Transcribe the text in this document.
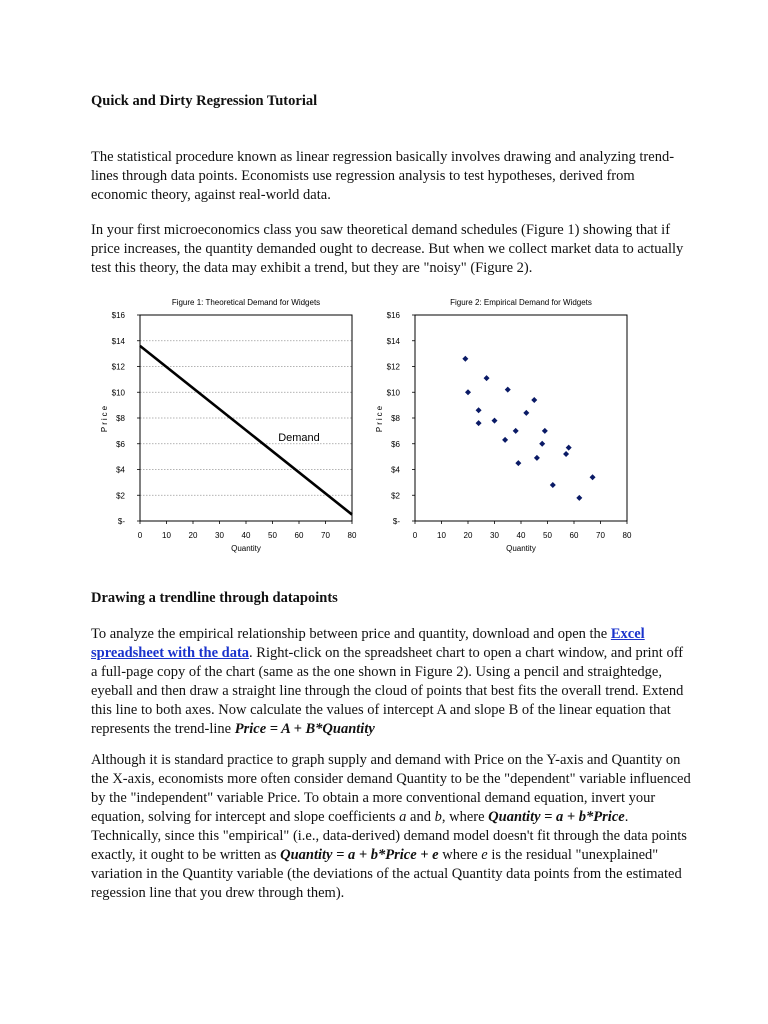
Quick and Dirty Regression Tutorial
The statistical procedure known as linear regression basically involves drawing and analyzing trend-lines through data points. Economists use regression analysis to test hypotheses, derived from economic theory, against real-world data.
In your first microeconomics class you saw theoretical demand schedules (Figure 1) showing that if price increases, the quantity demanded ought to decrease. But when we collect market data to actually test this theory, the data may exhibit a trend, but they are "noisy" (Figure 2).
Figure 1: Theoretical Demand for Widgets
$-
$2
$4
$6
$8
$10
$12
$14
$16
0 10 20 30 40 50 60 70 80
Quantity
Price
Demand
Figure 2: Empirical Demand for Widgets
$-
$2
$4
$6
$8
$10
$12
$14
$16
0 10 20 30 40 50 60 70 80
Quantity
Price
Drawing a trendline through datapoints
To analyze the empirical relationship between price and quantity, download and open the Excel spreadsheet with the data. Right-click on the spreadsheet chart to open a chart window, and print off a full-page copy of the chart (same as the one shown in Figure 2). Using a pencil and straightedge, eyeball and then draw a straight line through the cloud of points that best fits the overall trend. Extend this line to both axes. Now calculate the values of intercept A and slope B of the linear equation that represents the trend-line Price = A + B*Quantity
Although it is standard practice to graph supply and demand with Price on the Y-axis and Quantity on the X-axis, economists more often consider demand Quantity to be the "dependent" variable influenced by the "independent" variable Price. To obtain a more conventional demand equation, invert your equation, solving for intercept and slope coefficients a and b, where Quantity = a + b*Price. Technically, since this "empirical" (i.e., data-derived) demand model doesn't fit through the data points exactly, it ought to be written as Quantity = a + b*Price + e where e is the residual "unexplained" variation in the Quantity variable (the deviations of the actual Quantity data points from the estimated regession line that you drew through them).
